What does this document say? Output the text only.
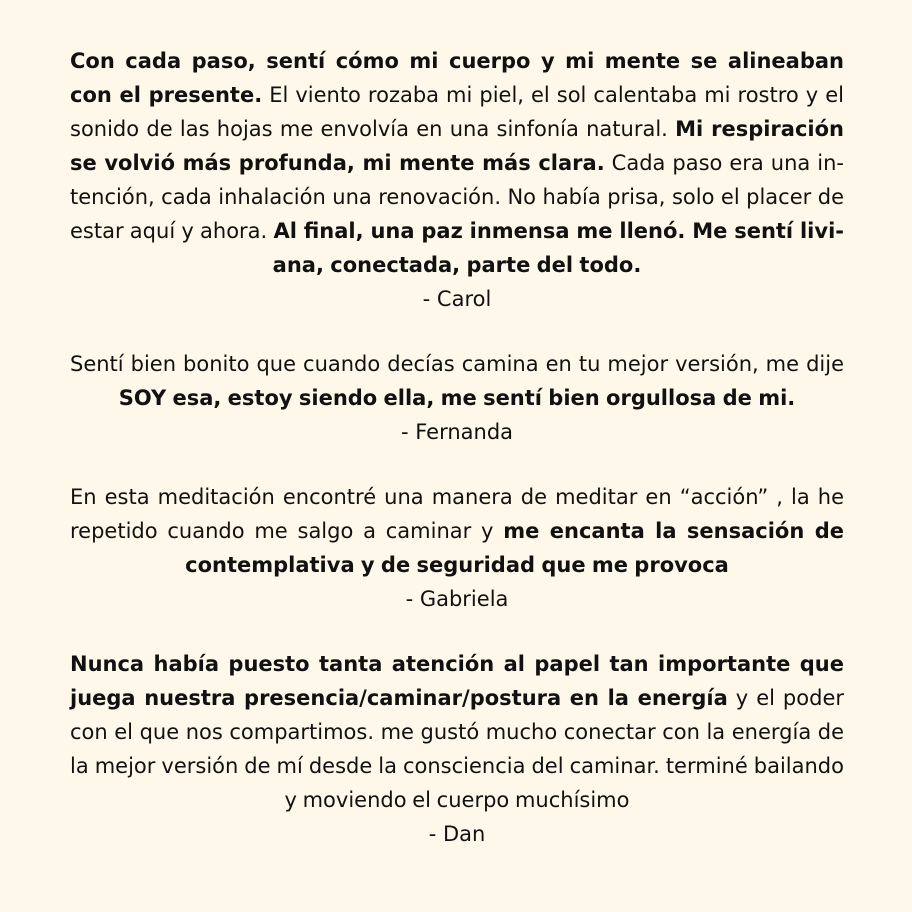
Con cada paso, sentí cómo mi cuerpo y mi mente se alineaban con el presente. El viento rozaba mi piel, el sol calentaba mi rostro y el sonido de las hojas me envolvía en una sinfonía natural. Mi respiración se volvió más profunda, mi mente más clara. Cada paso era una intención, cada inhalación una renovación. No había prisa, solo el placer de estar aquí y ahora. Al final, una paz inmensa me llenó. Me sentí liviana, conectada, parte del todo.

- Carol

Sentí bien bonito que cuando decías camina en tu mejor versión, me dije SOY esa, estoy siendo ella, me sentí bien orgullosa de mi.

- Fernanda

En esta meditación encontré una manera de meditar en “acción” , la he repetido cuando me salgo a caminar y me encanta la sensación de contemplativa y de seguridad que me provoca

- Gabriela

Nunca había puesto tanta atención al papel tan importante que juega nuestra presencia/caminar/postura en la energía y el poder con el que nos compartimos. me gustó mucho conectar con la energía de la mejor versión de mí desde la consciencia del caminar. terminé bailando y moviendo el cuerpo muchísimo

- Dan
